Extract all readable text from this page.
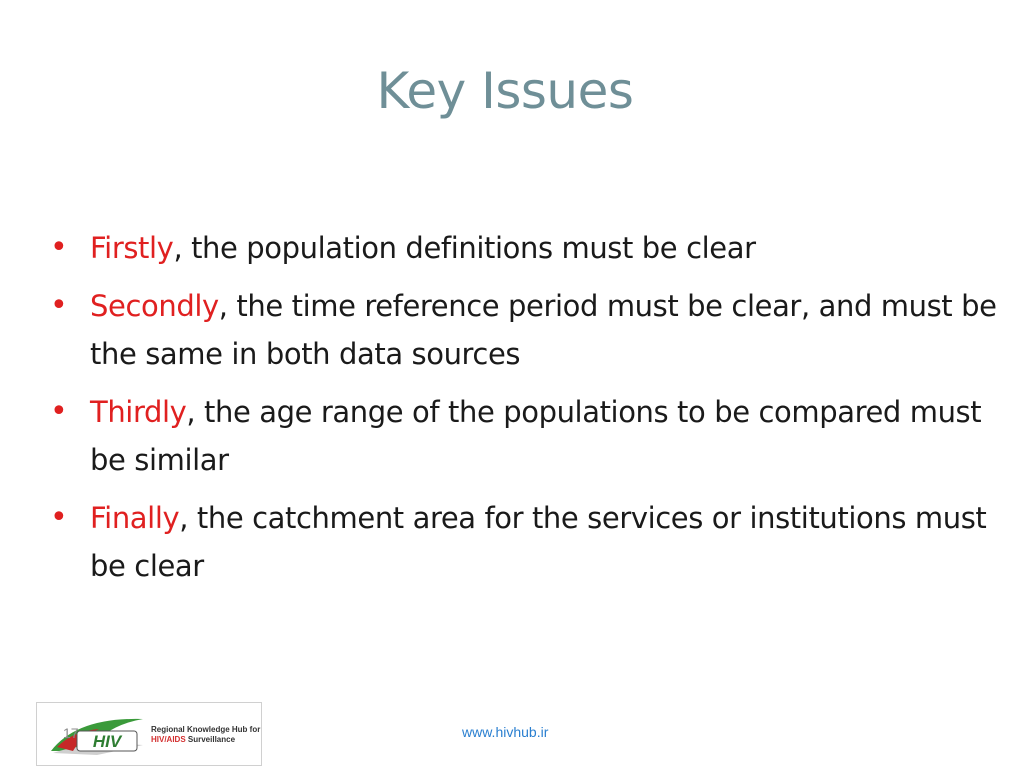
Key Issues
• Firstly, the population definitions must be clear
• Secondly, the time reference period must be clear, and must be the same in both data sources
• Thirdly, the age range of the populations to be compared must be similar
• Finally, the catchment area for the services or institutions must be clear
HIV
Regional Knowledge Hub for
HIV/AIDS Surveillance
17	www.hivhub.ir
